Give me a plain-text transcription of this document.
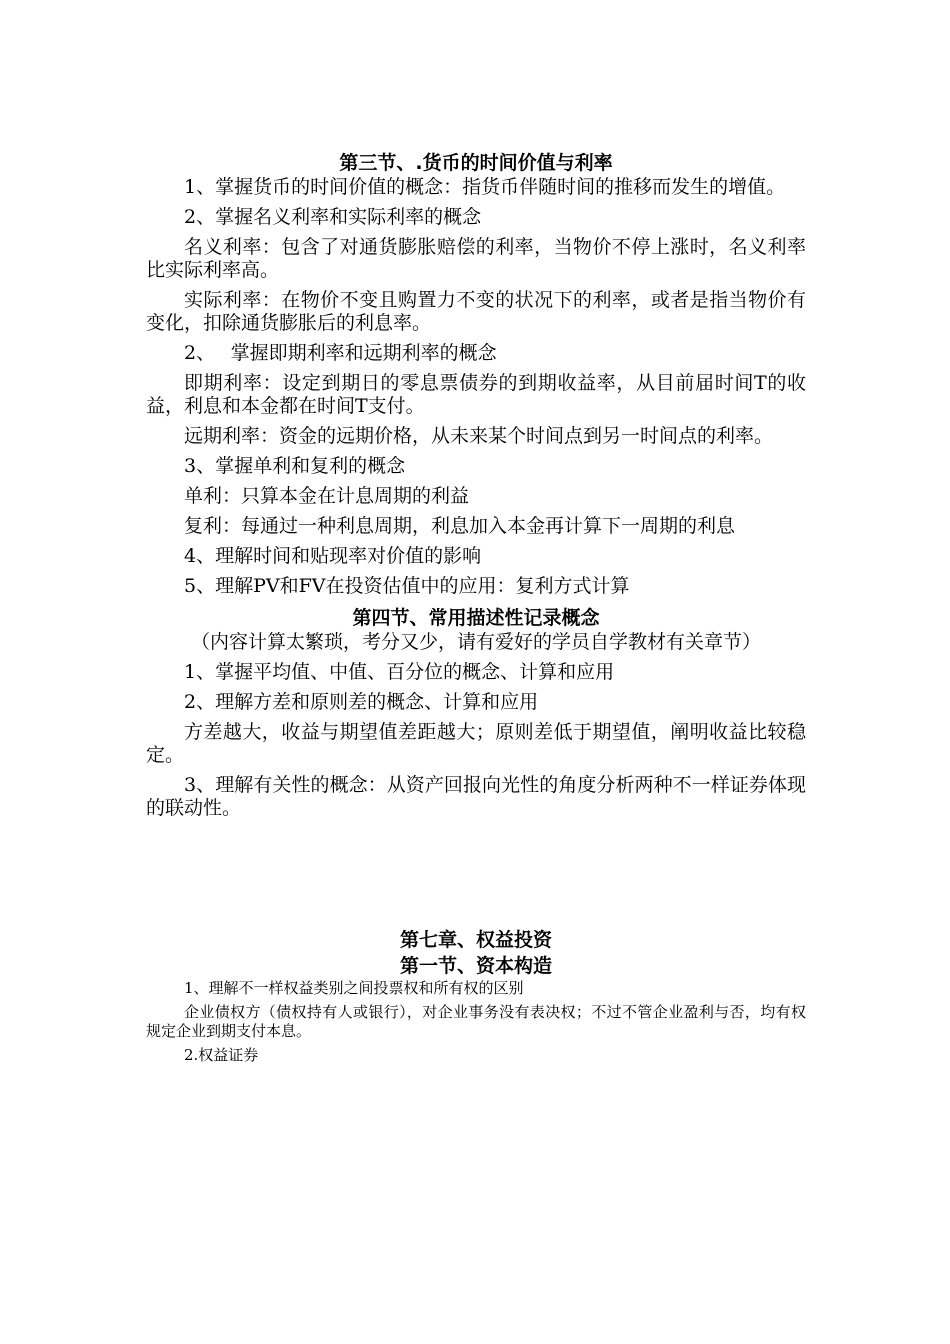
第三节、.货币的时间价值与利率

1、掌握货币的时间价值的概念：指货币伴随时间的推移而发生的增值。

2、掌握名义利率和实际利率的概念

名义利率：包含了对通货膨胀赔偿的利率，当物价不停上涨时，名义利率比实际利率高。

实际利率：在物价不变且购置力不变的状况下的利率，或者是指当物价有变化，扣除通货膨胀后的利息率。

2、　 掌握即期利率和远期利率的概念

即期利率：设定到期日的零息票债券的到期收益率，从目前届时间T的收益，利息和本金都在时间T支付。

远期利率：资金的远期价格，从未来某个时间点到另一时间点的利率。

3、掌握单利和复利的概念

单利：只算本金在计息周期的利益

复利：每通过一种利息周期，利息加入本金再计算下一周期的利息

4、理解时间和贴现率对价值的影响

5、理解PV和FV在投资估值中的应用：复利方式计算

第四节、常用描述性记录概念

（内容计算太繁琐，考分又少，请有爱好的学员自学教材有关章节）

1、掌握平均值、中值、百分位的概念、计算和应用

2、理解方差和原则差的概念、计算和应用

方差越大，收益与期望值差距越大；原则差低于期望值，阐明收益比较稳定。

3、理解有关性的概念：从资产回报向光性的角度分析两种不一样证券体现的联动性。

第七章、权益投资
第一节、资本构造

1、理解不一样权益类别之间投票权和所有权的区别

企业债权方（债权持有人或银行），对企业事务没有表决权；不过不管企业盈利与否，均有权规定企业到期支付本息。

2.权益证券
